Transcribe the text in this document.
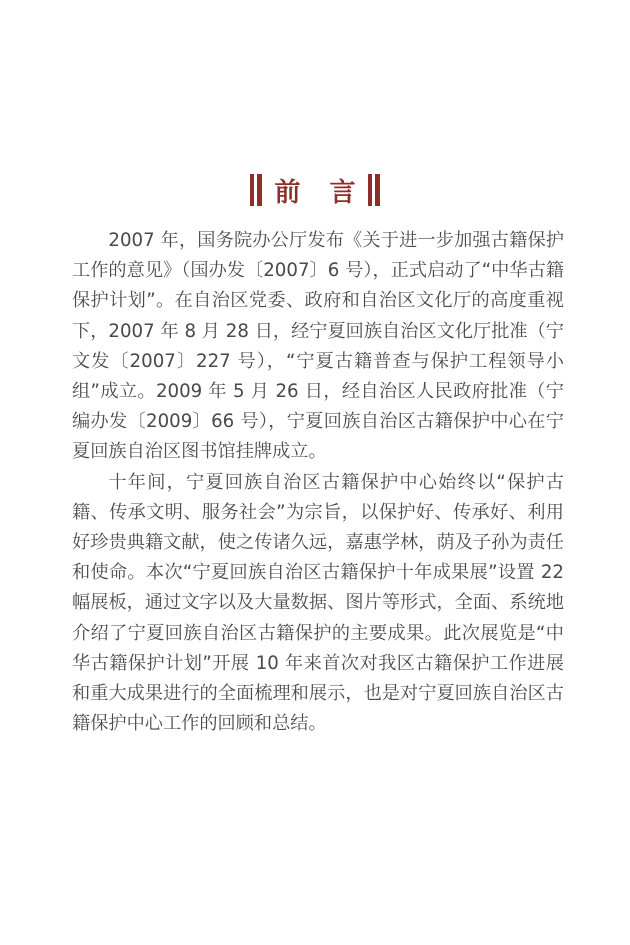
前 言

2007 年，国务院办公厅发布《关于进一步加强古籍保护工作的意见》（国办发〔2007〕6 号），正式启动了“中华古籍保护计划”。在自治区党委、政府和自治区文化厅的高度重视下，2007 年 8 月 28 日，经宁夏回族自治区文化厅批准（宁文发〔2007〕227 号），“宁夏古籍普查与保护工程领导小组”成立。2009 年 5 月 26 日，经自治区人民政府批准（宁编办发〔2009〕66 号），宁夏回族自治区古籍保护中心在宁夏回族自治区图书馆挂牌成立。

十年间，宁夏回族自治区古籍保护中心始终以“保护古籍、传承文明、服务社会”为宗旨，以保护好、传承好、利用好珍贵典籍文献，使之传诸久远，嘉惠学林，荫及子孙为责任和使命。本次“宁夏回族自治区古籍保护十年成果展”设置 22 幅展板，通过文字以及大量数据、图片等形式，全面、系统地介绍了宁夏回族自治区古籍保护的主要成果。此次展览是“中华古籍保护计划”开展 10 年来首次对我区古籍保护工作进展和重大成果进行的全面梳理和展示，也是对宁夏回族自治区古籍保护中心工作的回顾和总结。
